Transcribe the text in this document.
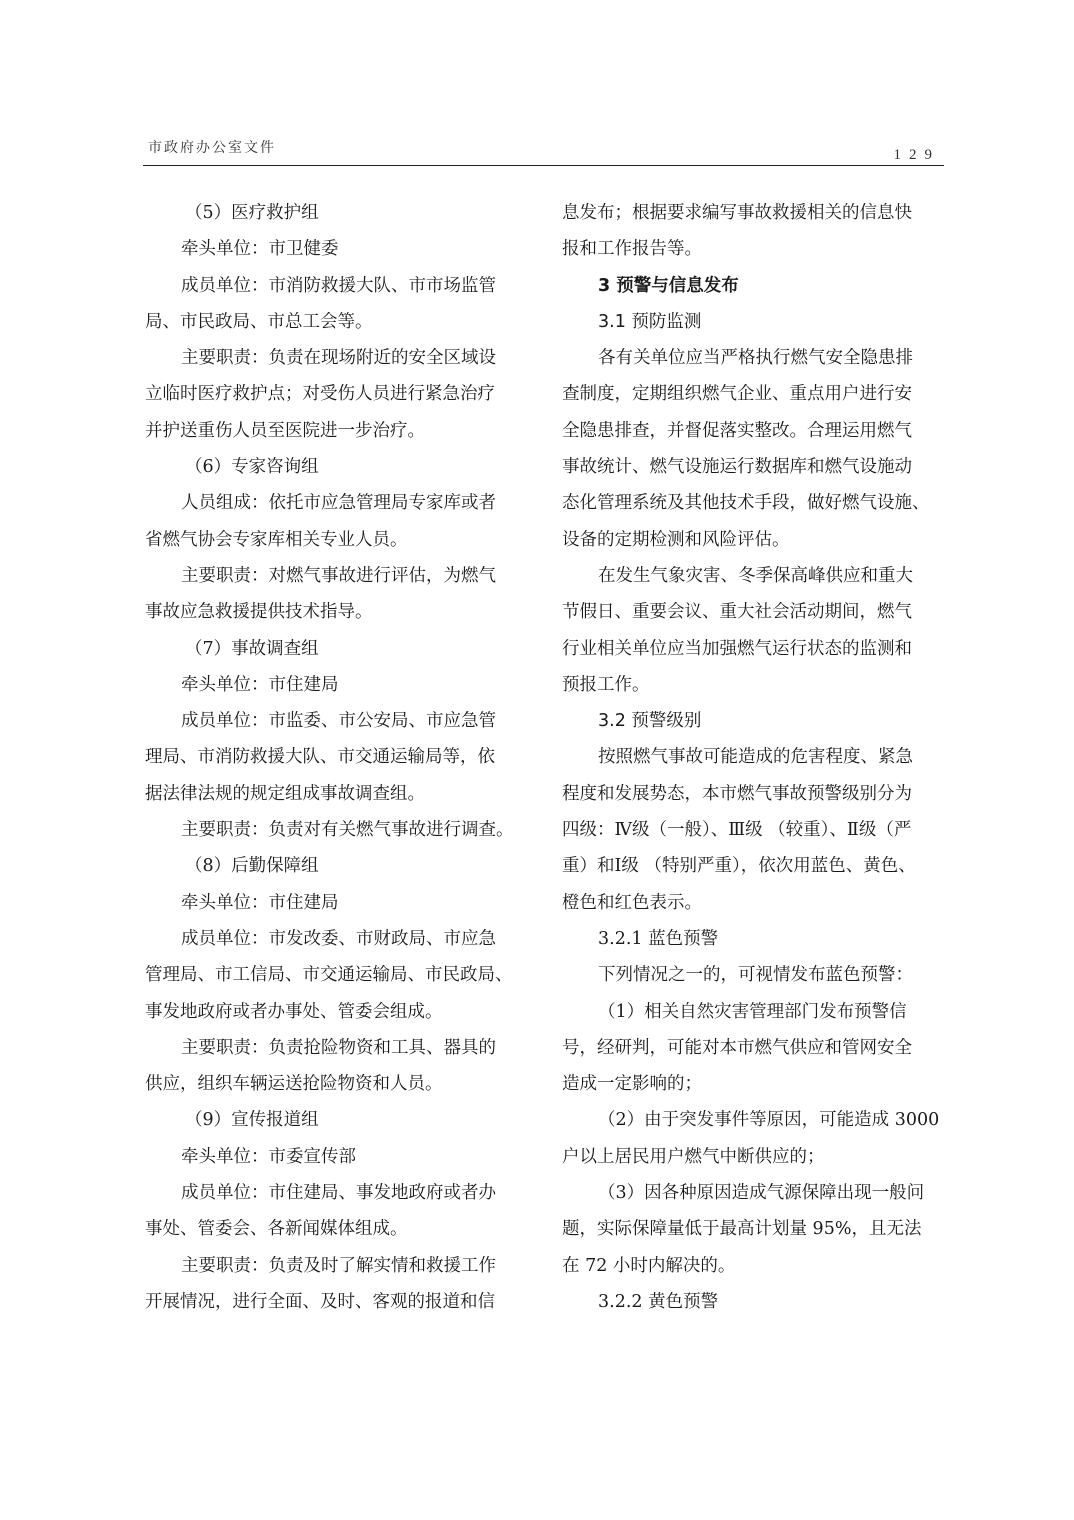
市政府办公室文件	129

（5）医疗救护组

牵头单位：市卫健委

成员单位：市消防救援大队、市市场监管

局、市民政局、市总工会等。

主要职责：负责在现场附近的安全区域设

立临时医疗救护点；对受伤人员进行紧急治疗

并护送重伤人员至医院进一步治疗。

（6）专家咨询组

人员组成：依托市应急管理局专家库或者

省燃气协会专家库相关专业人员。

主要职责：对燃气事故进行评估，为燃气

事故应急救援提供技术指导。

（7）事故调查组

牵头单位：市住建局

成员单位：市监委、市公安局、市应急管

理局、市消防救援大队、市交通运输局等，依

据法律法规的规定组成事故调查组。

主要职责：负责对有关燃气事故进行调查。

（8）后勤保障组

牵头单位：市住建局

成员单位：市发改委、市财政局、市应急

管理局、市工信局、市交通运输局、市民政局、

事发地政府或者办事处、管委会组成。

主要职责：负责抢险物资和工具、器具的

供应，组织车辆运送抢险物资和人员。

（9）宣传报道组

牵头单位：市委宣传部

成员单位：市住建局、事发地政府或者办

事处、管委会、各新闻媒体组成。

主要职责：负责及时了解实情和救援工作

开展情况，进行全面、及时、客观的报道和信

息发布；根据要求编写事故救援相关的信息快

报和工作报告等。

3 预警与信息发布

3.1 预防监测

各有关单位应当严格执行燃气安全隐患排

查制度，定期组织燃气企业、重点用户进行安

全隐患排查，并督促落实整改。合理运用燃气

事故统计、燃气设施运行数据库和燃气设施动

态化管理系统及其他技术手段，做好燃气设施、

设备的定期检测和风险评估。

在发生气象灾害、冬季保高峰供应和重大

节假日、重要会议、重大社会活动期间，燃气

行业相关单位应当加强燃气运行状态的监测和

预报工作。

3.2 预警级别

按照燃气事故可能造成的危害程度、紧急

程度和发展势态，本市燃气事故预警级别分为

四级：Ⅳ级（一般）、Ⅲ级 （较重）、Ⅱ级（严

重）和Ⅰ级 （特别严重），依次用蓝色、黄色、

橙色和红色表示。

3.2.1 蓝色预警

下列情况之一的，可视情发布蓝色预警：

（1）相关自然灾害管理部门发布预警信

号，经研判，可能对本市燃气供应和管网安全

造成一定影响的；

（2）由于突发事件等原因，可能造成 3000

户以上居民用户燃气中断供应的；

（3）因各种原因造成气源保障出现一般问

题，实际保障量低于最高计划量 95%，且无法

在 72 小时内解决的。

3.2.2 黄色预警
